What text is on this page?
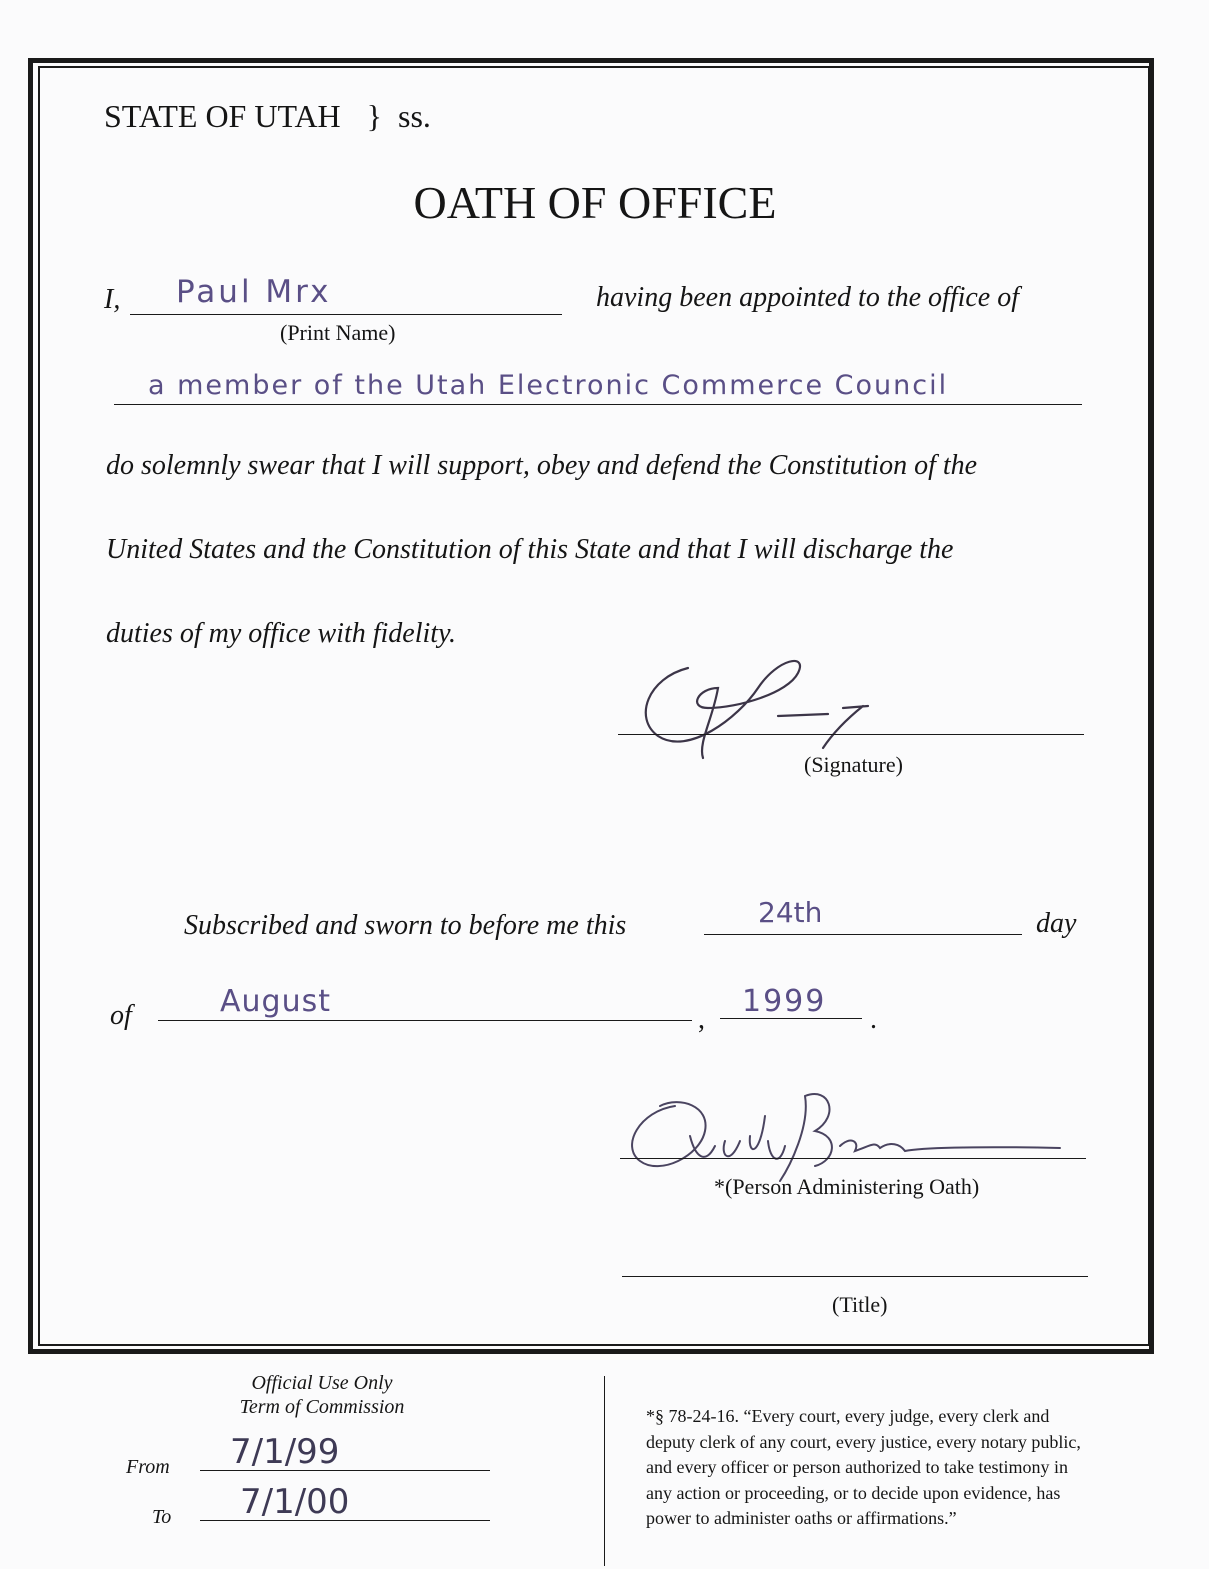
STATE OF UTAH } ss.
OATH OF OFFICE
I, Paul Mrx
(Print Name)
having been appointed to the office of
a member of the Utah Electronic Commerce Council
do solemnly swear that I will support, obey and defend the Constitution of the
United States and the Constitution of this State and that I will discharge the
duties of my office with fidelity.
(Signature)
Subscribed and sworn to before me this	24th	day
of	August
,
1999
.
*(Person Administering Oath)
(Title)
Official Use Only
Term of Commission
From 7/1/99
To 7/1/00
*§ 78-24-16. “Every court, every judge, every clerk and
deputy clerk of any court, every justice, every notary public,
and every officer or person authorized to take testimony in
any action or proceeding, or to decide upon evidence, has
power to administer oaths or affirmations.”
